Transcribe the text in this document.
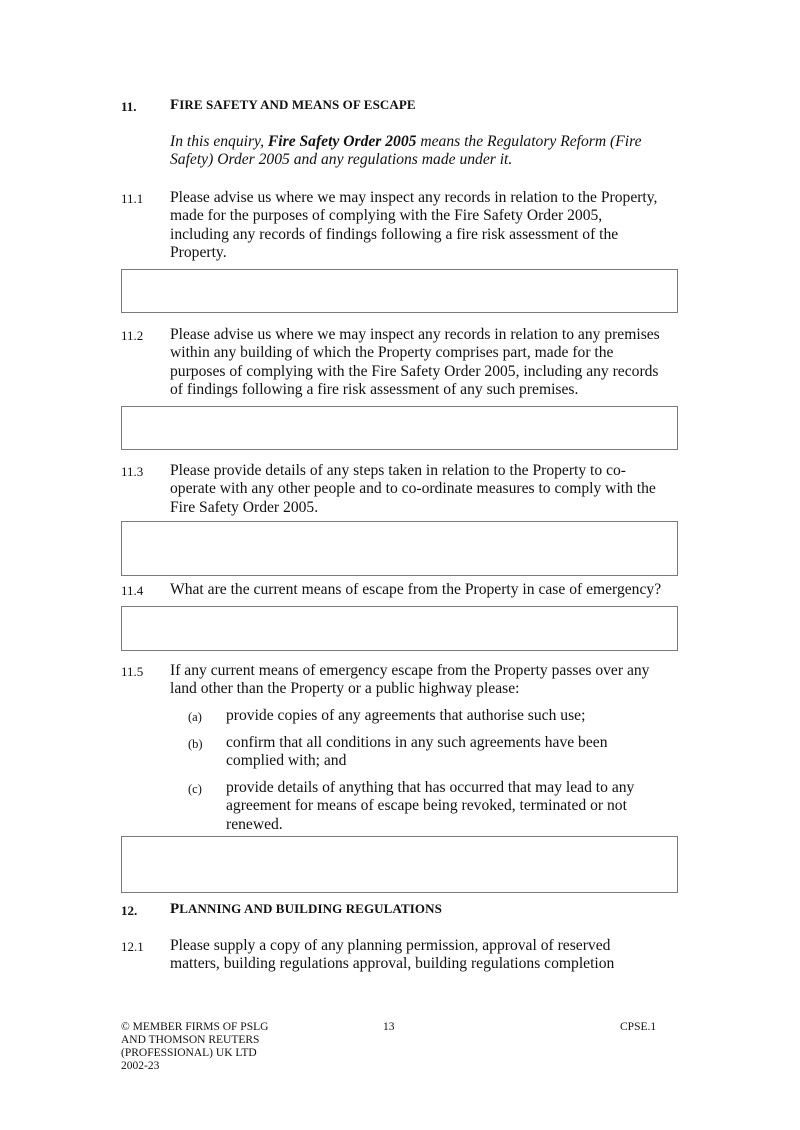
11. FIRE SAFETY AND MEANS OF ESCAPE
In this enquiry, Fire Safety Order 2005 means the Regulatory Reform (Fire
Safety) Order 2005 and any regulations made under it.
11.1 Please advise us where we may inspect any records in relation to the Property,
made for the purposes of complying with the Fire Safety Order 2005,
including any records of findings following a fire risk assessment of the
Property.
11.2 Please advise us where we may inspect any records in relation to any premises
within any building of which the Property comprises part, made for the
purposes of complying with the Fire Safety Order 2005, including any records
of findings following a fire risk assessment of any such premises.
11.3 Please provide details of any steps taken in relation to the Property to co-
operate with any other people and to co-ordinate measures to comply with the
Fire Safety Order 2005.
11.4 What are the current means of escape from the Property in case of emergency?
11.5 If any current means of emergency escape from the Property passes over any
land other than the Property or a public highway please:
(a) provide copies of any agreements that authorise such use;
(b) confirm that all conditions in any such agreements have been
complied with; and
(c) provide details of anything that has occurred that may lead to any
agreement for means of escape being revoked, terminated or not
renewed.
12. PLANNING AND BUILDING REGULATIONS
12.1 Please supply a copy of any planning permission, approval of reserved
matters, building regulations approval, building regulations completion
© MEMBER FIRMS OF PSLG
AND THOMSON REUTERS
(PROFESSIONAL) UK LTD
2002-23
13	CPSE.1
